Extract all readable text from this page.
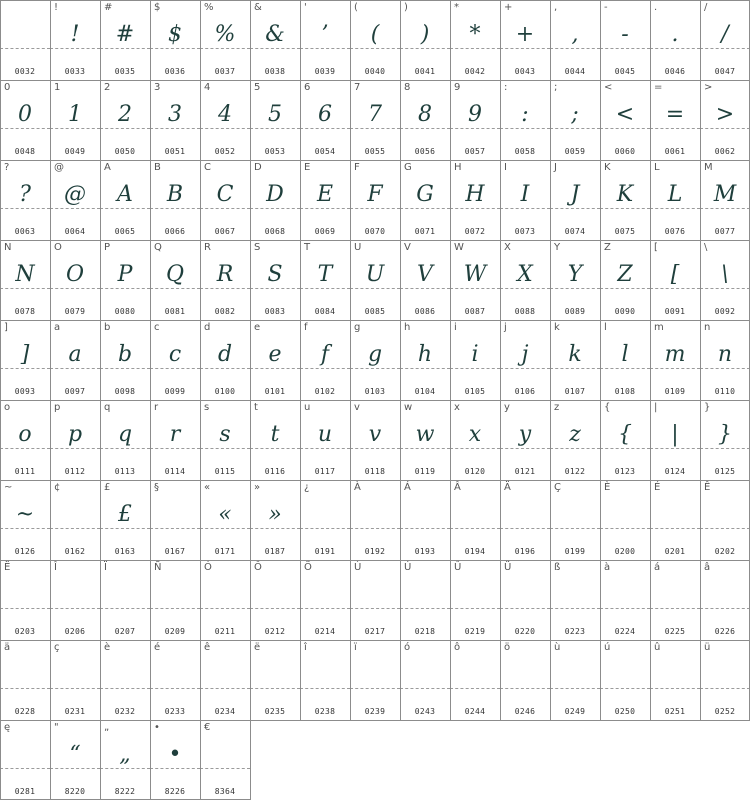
0032
!
!
0033
#
#
0035
$
$
0036
%
%
0037
&
&
0038
'
’
0039
(
(
0040
)
)
0041
*
*
0042
+
+
0043
,
,
0044
-
-
0045
.
.
0046
/
/
0047
0
0
0048
1
1
0049
2
2
0050
3
3
0051
4
4
0052
5
5
0053
6
6
0054
7
7
0055
8
8
0056
9
9
0057
:
:
0058
;
;
0059
<
<
0060
=
=
0061
>
>
0062
?
?
0063
@
@
0064
A
A
0065
B
B
0066
C
C
0067
D
D
0068
E
E
0069
F
F
0070
G
G
0071
H
H
0072
I
I
0073
J
J
0074
K
K
0075
L
L
0076
M
M
0077
N
N
0078
O
O
0079
P
P
0080
Q
Q
0081
R
R
0082
S
S
0083
T
T
0084
U
U
0085
V
V
0086
W
W
0087
X
X
0088
Y
Y
0089
Z
Z
0090
[
[
0091
\
\
0092
]
]
0093
a
a
0097
b
b
0098
c
c
0099
d
d
0100
e
e
0101
f
f
0102
g
g
0103
h
h
0104
i
i
0105
j
j
0106
k
k
0107
l
l
0108
m
m
0109
n
n
0110
o
o
0111
p
p
0112
q
q
0113
r
r
0114
s
s
0115
t
t
0116
u
u
0117
v
v
0118
w
w
0119
x
x
0120
y
y
0121
z
z
0122
{
{
0123
|
|
0124
}
}
0125
~
~
0126
¢
0162
£
£
0163
§
0167
«
«
0171
»
»
0187
¿
0191
À
0192
Á
0193
Â
0194
Ä
0196
Ç
0199
È
0200
É
0201
Ê
0202
Ë
0203
Î
0206
Ï
0207
Ñ
0209
Ó
0211
Ô
0212
Ö
0214
Ù
0217
Ú
0218
Û
0219
Ü
0220
ß
0223
à
0224
á
0225
â
0226
ä
0228
ç
0231
è
0232
é
0233
ê
0234
ë
0235
î
0238
ï
0239
ó
0243
ô
0244
ö
0246
ù
0249
ú
0250
û
0251
ü
0252
ę
0281
"
“
8220
„
„
8222
•
•
8226
€
8364
